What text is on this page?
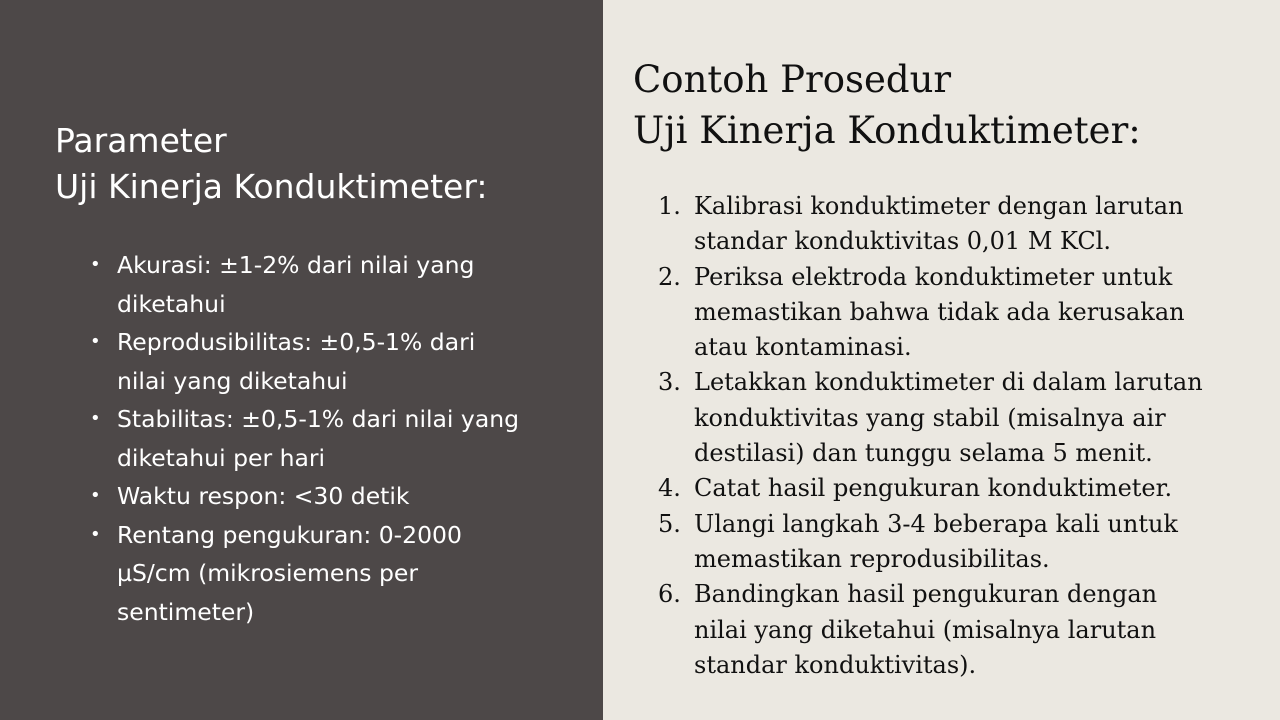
Parameter
Uji Kinerja Konduktimeter:
• Akurasi: ±1-2% dari nilai yang
diketahui
• Reprodusibilitas: ±0,5-1% dari
nilai yang diketahui
• Stabilitas: ±0,5-1% dari nilai yang
diketahui per hari
• Waktu respon: <30 detik
• Rentang pengukuran: 0-2000
µS/cm (mikrosiemens per
sentimeter)
Contoh Prosedur
Uji Kinerja Konduktimeter:
1. Kalibrasi konduktimeter dengan larutan
standar konduktivitas 0,01 M KCl.
2. Periksa elektroda konduktimeter untuk
memastikan bahwa tidak ada kerusakan
atau kontaminasi.
3. Letakkan konduktimeter di dalam larutan
konduktivitas yang stabil (misalnya air
destilasi) dan tunggu selama 5 menit.
4. Catat hasil pengukuran konduktimeter.
5. Ulangi langkah 3-4 beberapa kali untuk
memastikan reprodusibilitas.
6. Bandingkan hasil pengukuran dengan
nilai yang diketahui (misalnya larutan
standar konduktivitas).
